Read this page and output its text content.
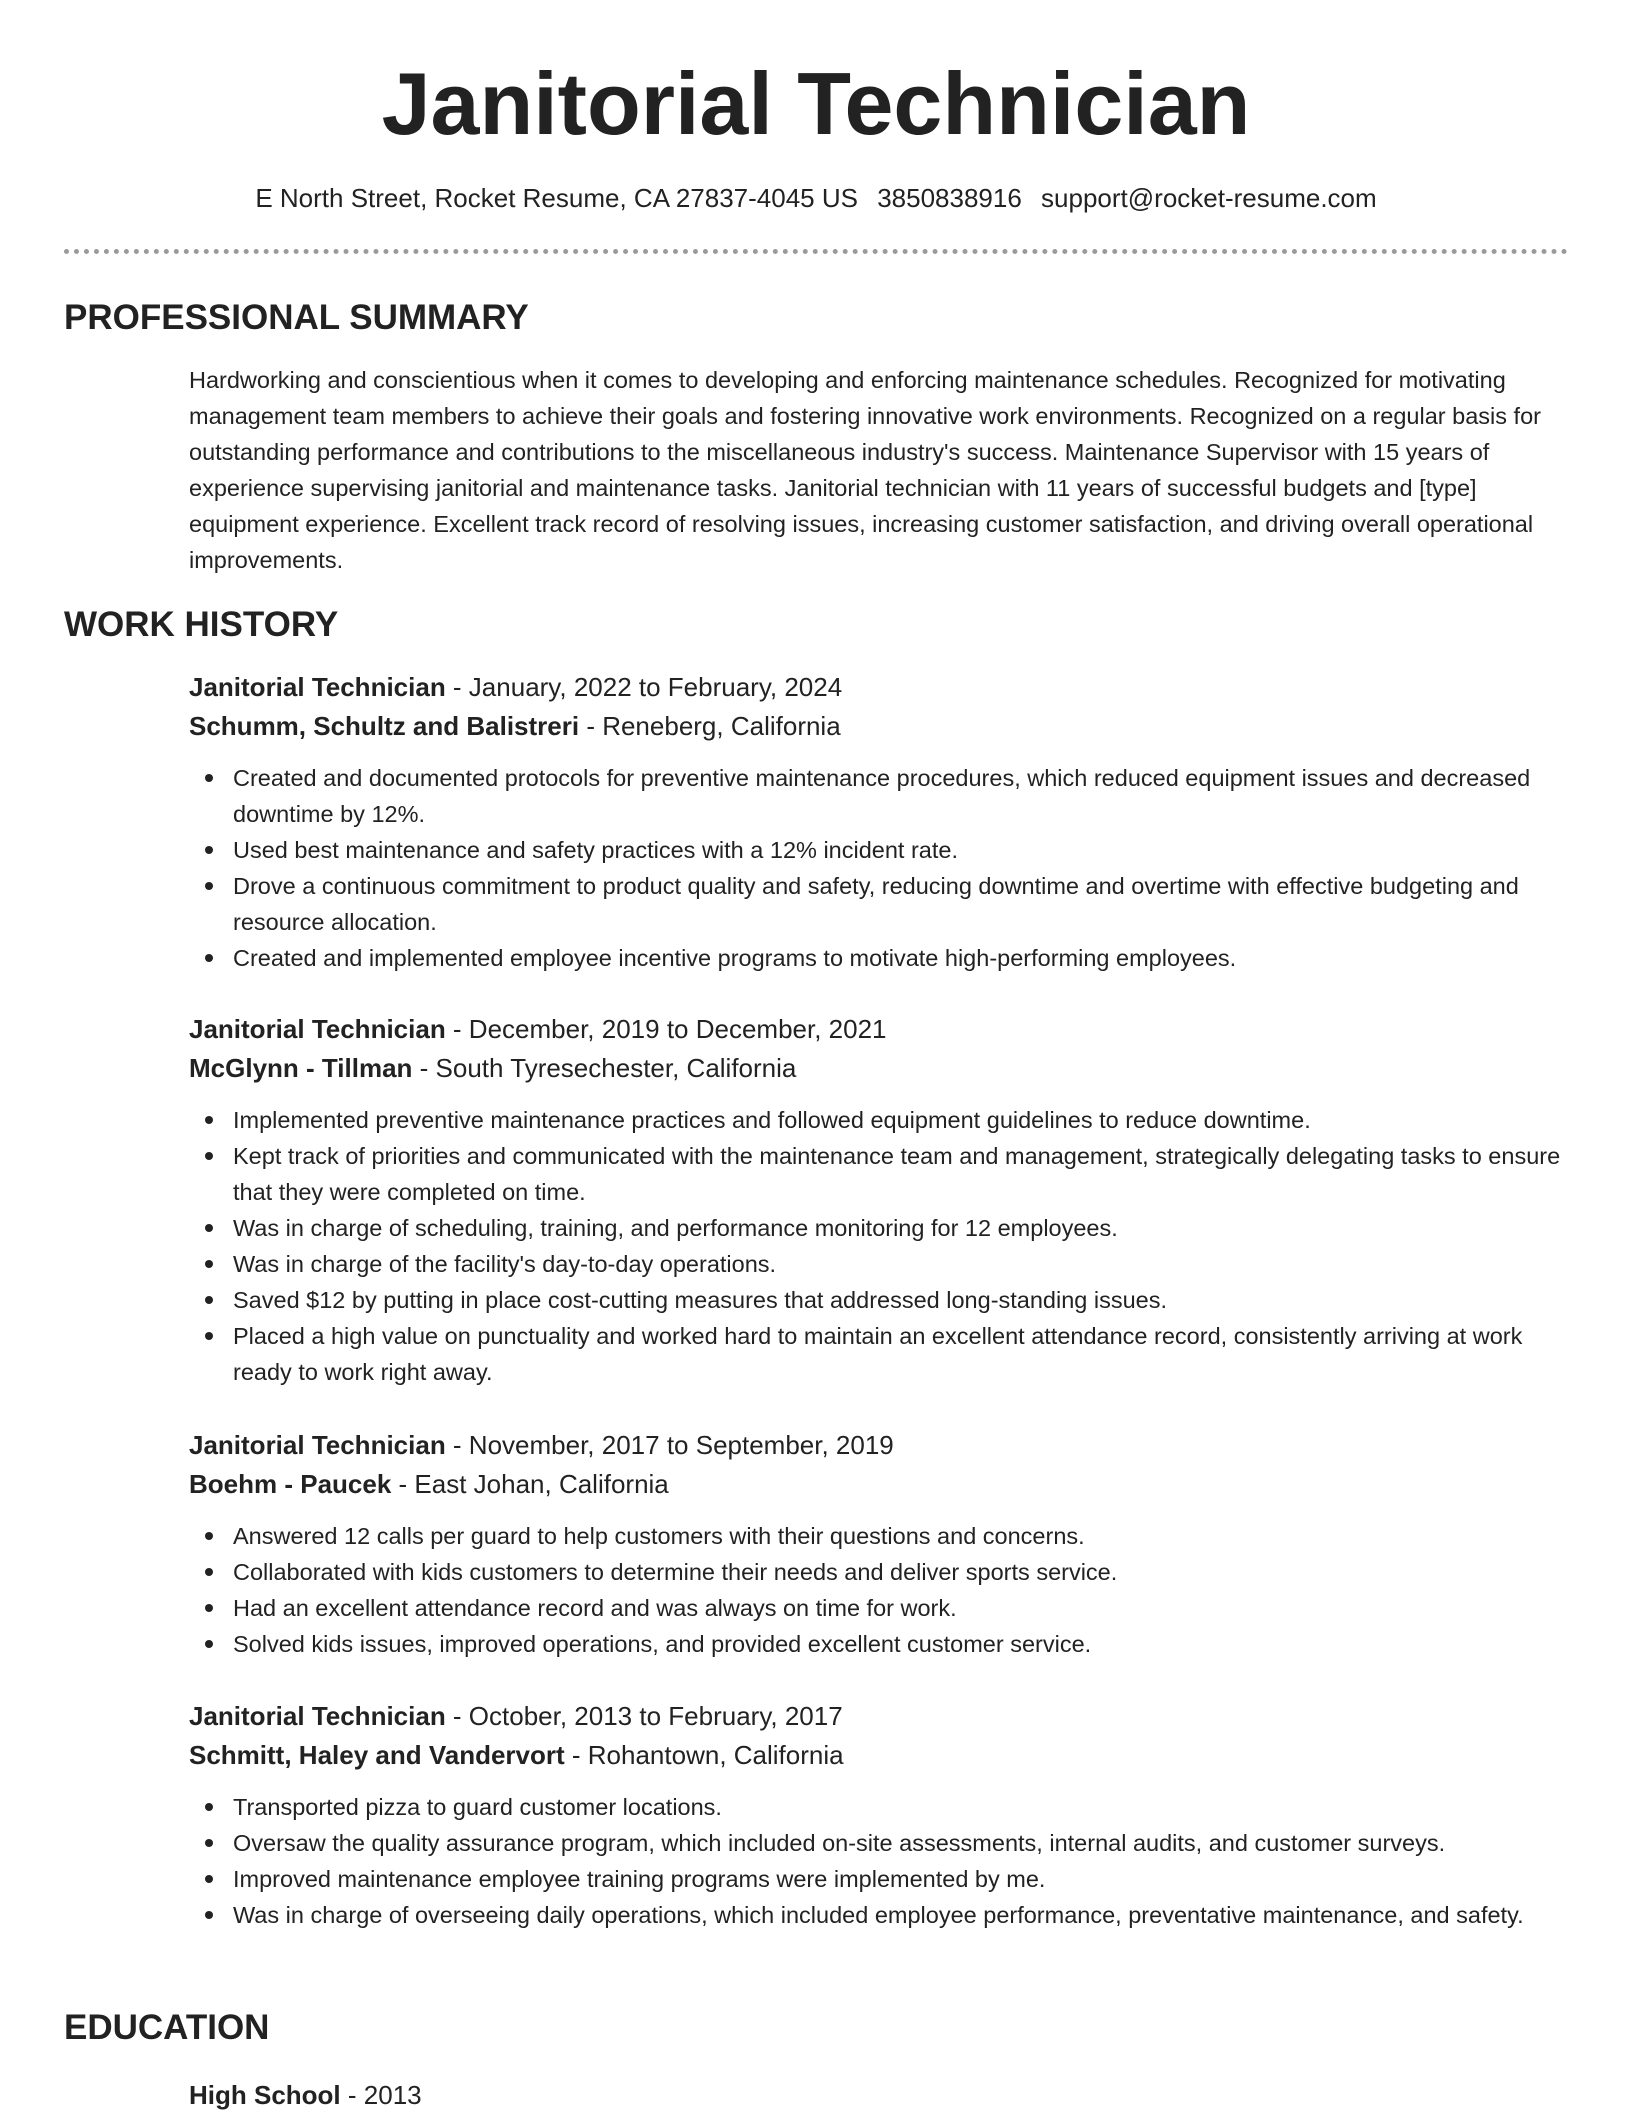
Janitorial Technician
E North Street, Rocket Resume, CA 27837-4045 US 3850838916 support@rocket-resume.com
PROFESSIONAL SUMMARY
Hardworking and conscientious when it comes to developing and enforcing maintenance schedules. Recognized for motivating management team members to achieve their goals and fostering innovative work environments. Recognized on a regular basis for outstanding performance and contributions to the miscellaneous industry's success. Maintenance Supervisor with 15 years of experience supervising janitorial and maintenance tasks. Janitorial technician with 11 years of successful budgets and [type] equipment experience. Excellent track record of resolving issues, increasing customer satisfaction, and driving overall operational improvements.
WORK HISTORY
Janitorial Technician - January, 2022 to February, 2024
Schumm, Schultz and Balistreri - Reneberg, California
Created and documented protocols for preventive maintenance procedures, which reduced equipment issues and decreased downtime by 12%.
Used best maintenance and safety practices with a 12% incident rate.
Drove a continuous commitment to product quality and safety, reducing downtime and overtime with effective budgeting and resource allocation.
Created and implemented employee incentive programs to motivate high-performing employees.
Janitorial Technician - December, 2019 to December, 2021
McGlynn - Tillman - South Tyresechester, California
Implemented preventive maintenance practices and followed equipment guidelines to reduce downtime.
Kept track of priorities and communicated with the maintenance team and management, strategically delegating tasks to ensure that they were completed on time.
Was in charge of scheduling, training, and performance monitoring for 12 employees.
Was in charge of the facility's day-to-day operations.
Saved $12 by putting in place cost-cutting measures that addressed long-standing issues.
Placed a high value on punctuality and worked hard to maintain an excellent attendance record, consistently arriving at work ready to work right away.
Janitorial Technician - November, 2017 to September, 2019
Boehm - Paucek - East Johan, California
Answered 12 calls per guard to help customers with their questions and concerns.
Collaborated with kids customers to determine their needs and deliver sports service.
Had an excellent attendance record and was always on time for work.
Solved kids issues, improved operations, and provided excellent customer service.
Janitorial Technician - October, 2013 to February, 2017
Schmitt, Haley and Vandervort - Rohantown, California
Transported pizza to guard customer locations.
Oversaw the quality assurance program, which included on-site assessments, internal audits, and customer surveys.
Improved maintenance employee training programs were implemented by me.
Was in charge of overseeing daily operations, which included employee performance, preventative maintenance, and safety.
EDUCATION
High School - 2013
